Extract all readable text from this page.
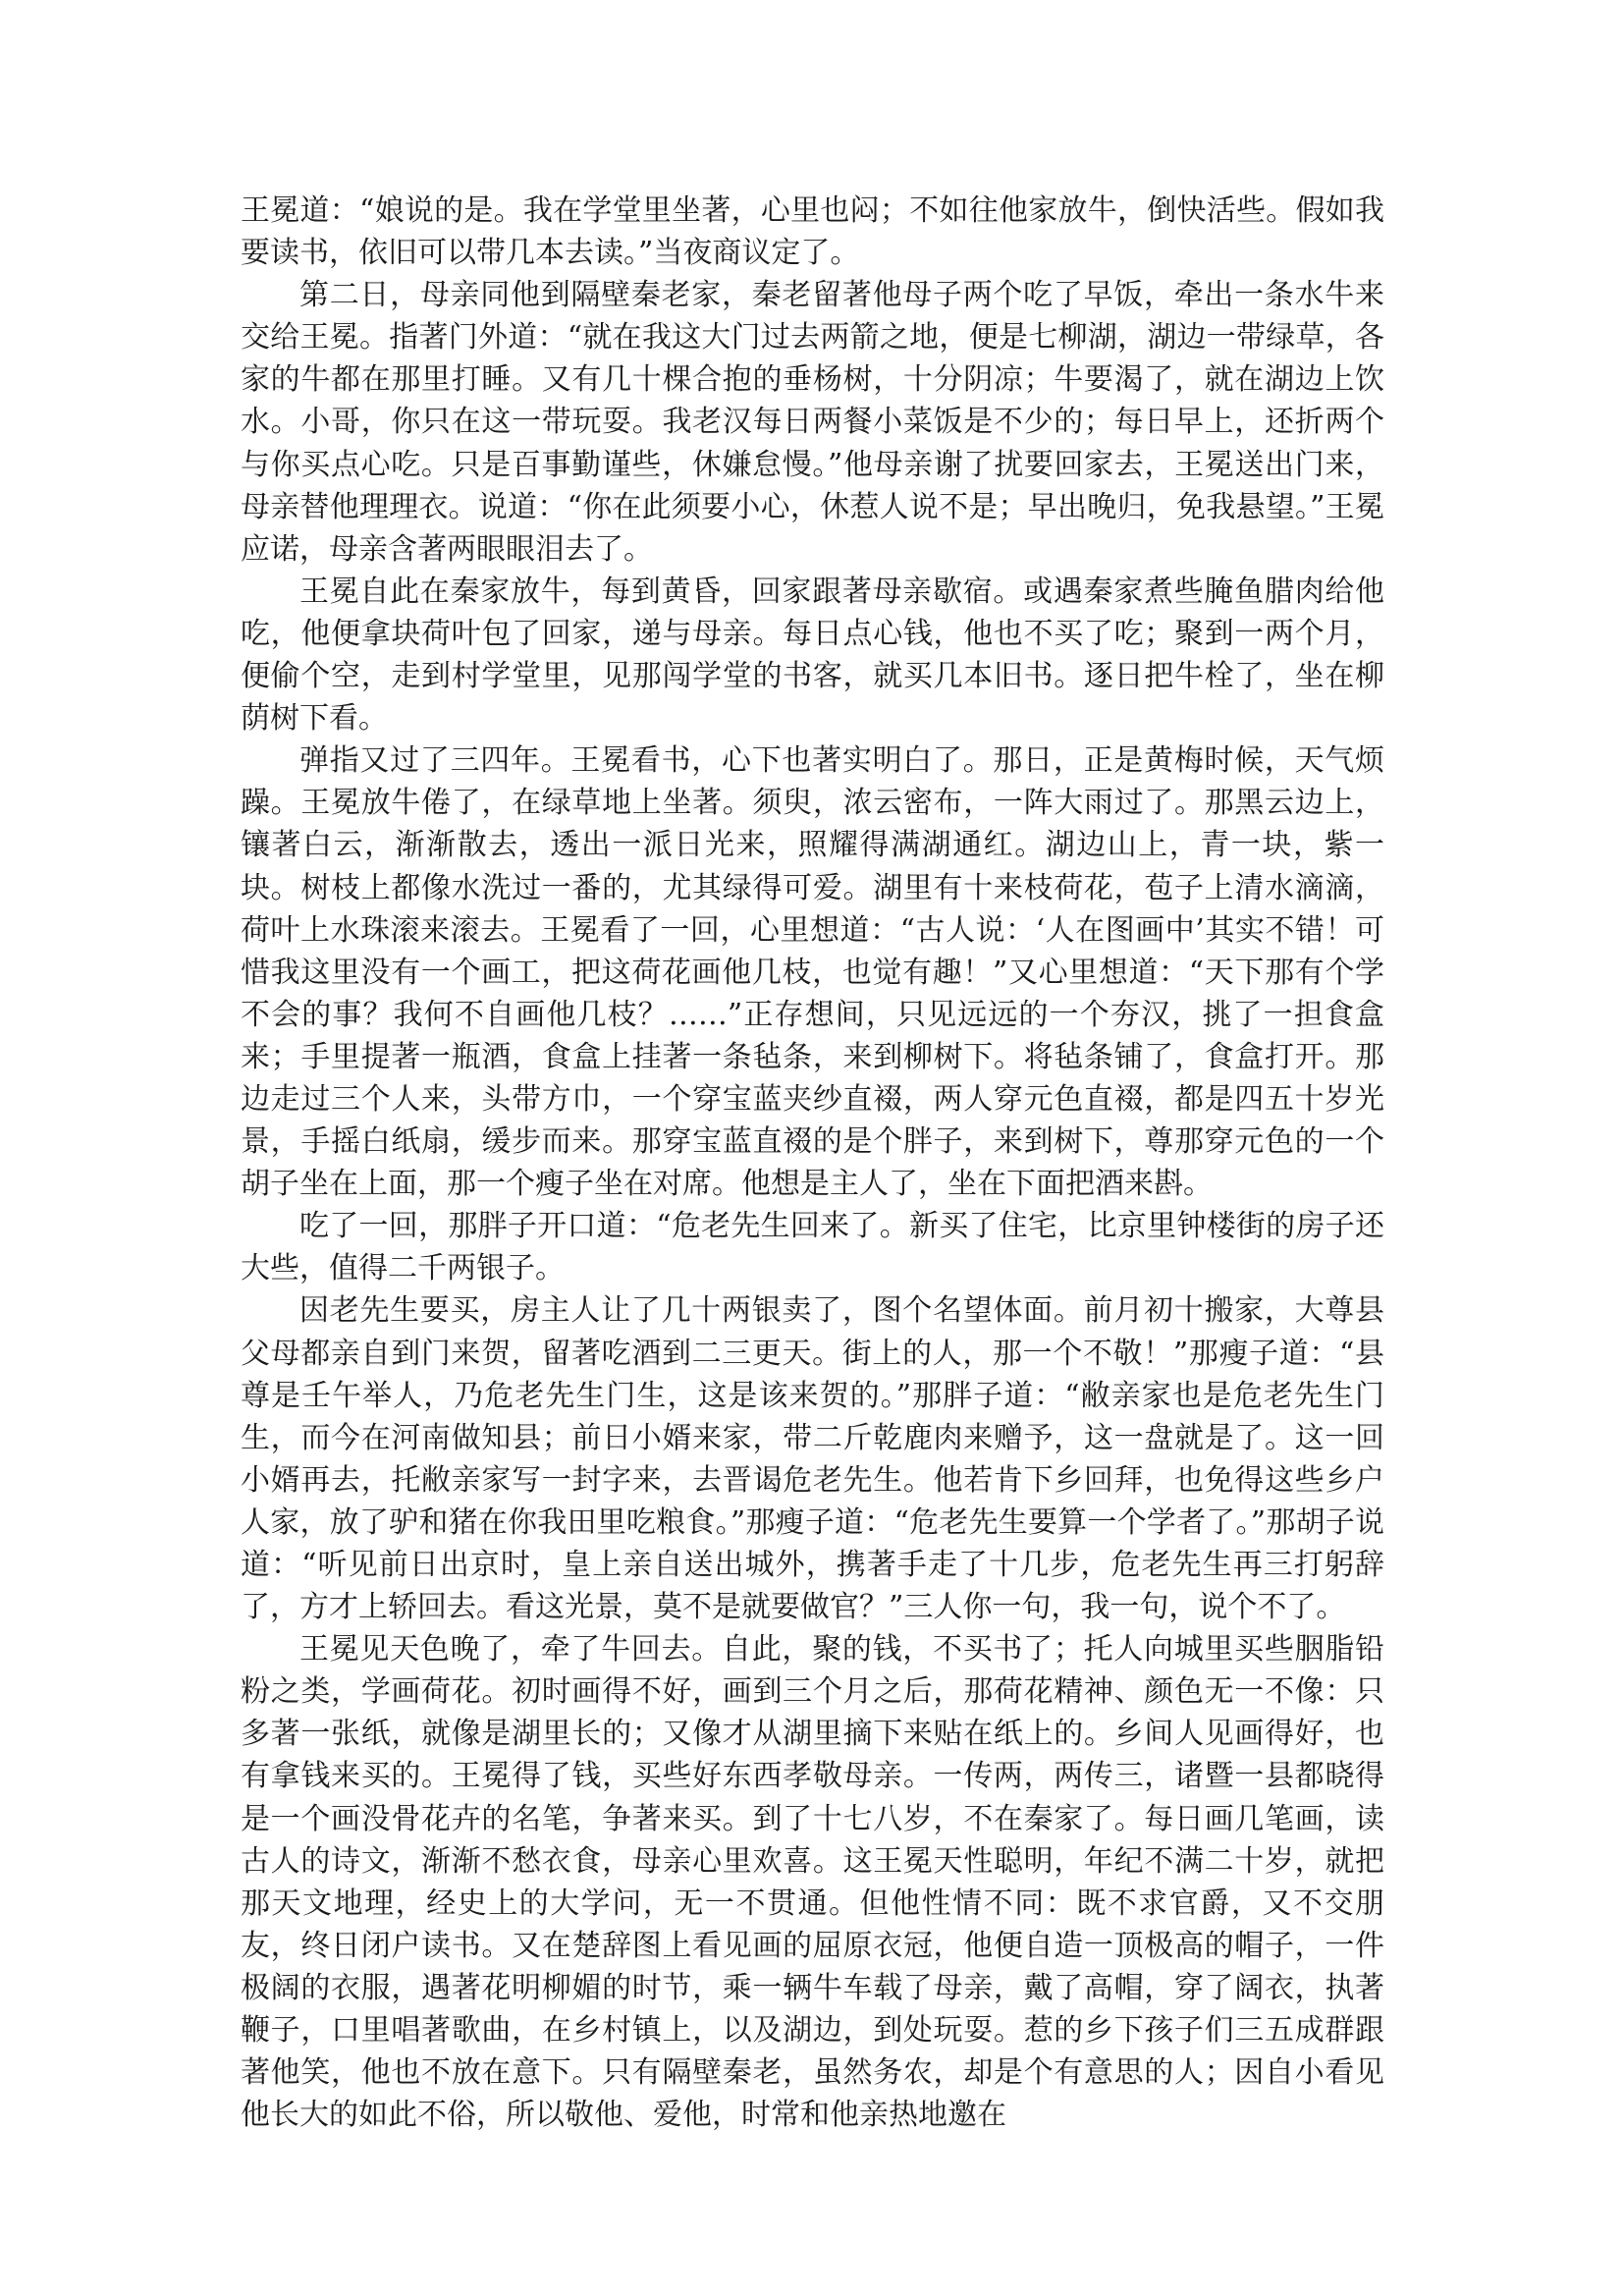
王冕道：“娘说的是。我在学堂里坐著，心里也闷；不如往他家放牛，倒快活些。假如我要读书，依旧可以带几本去读。”当夜商议定了。

第二日，母亲同他到隔壁秦老家，秦老留著他母子两个吃了早饭，牵出一条水牛来交给王冕。指著门外道：“就在我这大门过去两箭之地，便是七柳湖，湖边一带绿草，各家的牛都在那里打睡。又有几十棵合抱的垂杨树，十分阴凉；牛要渴了，就在湖边上饮水。小哥，你只在这一带玩耍。我老汉每日两餐小菜饭是不少的；每日早上，还折两个与你买点心吃。只是百事勤谨些，休嫌怠慢。”他母亲谢了扰要回家去，王冕送出门来，母亲替他理理衣。说道：“你在此须要小心，休惹人说不是；早出晚归，免我悬望。”王冕应诺，母亲含著两眼眼泪去了。

王冕自此在秦家放牛，每到黄昏，回家跟著母亲歇宿。或遇秦家煮些腌鱼腊肉给他吃，他便拿块荷叶包了回家，递与母亲。每日点心钱，他也不买了吃；聚到一两个月，便偷个空，走到村学堂里，见那闯学堂的书客，就买几本旧书。逐日把牛栓了，坐在柳荫树下看。

弹指又过了三四年。王冕看书，心下也著实明白了。那日，正是黄梅时候，天气烦躁。王冕放牛倦了，在绿草地上坐著。须臾，浓云密布，一阵大雨过了。那黑云边上，镶著白云，渐渐散去，透出一派日光来，照耀得满湖通红。湖边山上，青一块，紫一块。树枝上都像水洗过一番的，尤其绿得可爱。湖里有十来枝荷花，苞子上清水滴滴，荷叶上水珠滚来滚去。王冕看了一回，心里想道：“古人说：‘人在图画中’其实不错！可惜我这里没有一个画工，把这荷花画他几枝，也觉有趣！”又心里想道：“天下那有个学不会的事？我何不自画他几枝？……”正存想间，只见远远的一个夯汉，挑了一担食盒来；手里提著一瓶酒，食盒上挂著一条毡条，来到柳树下。将毡条铺了，食盒打开。那边走过三个人来，头带方巾，一个穿宝蓝夹纱直裰，两人穿元色直裰，都是四五十岁光景，手摇白纸扇，缓步而来。那穿宝蓝直裰的是个胖子，来到树下，尊那穿元色的一个胡子坐在上面，那一个瘦子坐在对席。他想是主人了，坐在下面把酒来斟。

吃了一回，那胖子开口道：“危老先生回来了。新买了住宅，比京里钟楼街的房子还大些，值得二千两银子。

因老先生要买，房主人让了几十两银卖了，图个名望体面。前月初十搬家，大尊县父母都亲自到门来贺，留著吃酒到二三更天。街上的人，那一个不敬！”那瘦子道：“县尊是壬午举人，乃危老先生门生，这是该来贺的。”那胖子道：“敝亲家也是危老先生门生，而今在河南做知县；前日小婿来家，带二斤乾鹿肉来赠予，这一盘就是了。这一回小婿再去，托敝亲家写一封字来，去晋谒危老先生。他若肯下乡回拜，也免得这些乡户人家，放了驴和猪在你我田里吃粮食。”那瘦子道：“危老先生要算一个学者了。”那胡子说道：“听见前日出京时，皇上亲自送出城外，携著手走了十几步，危老先生再三打躬辞了，方才上轿回去。看这光景，莫不是就要做官？”三人你一句，我一句，说个不了。

王冕见天色晚了，牵了牛回去。自此，聚的钱，不买书了；托人向城里买些胭脂铅粉之类，学画荷花。初时画得不好，画到三个月之后，那荷花精神、颜色无一不像：只多著一张纸，就像是湖里长的；又像才从湖里摘下来贴在纸上的。乡间人见画得好，也有拿钱来买的。王冕得了钱，买些好东西孝敬母亲。一传两，两传三，诸暨一县都晓得是一个画没骨花卉的名笔，争著来买。到了十七八岁，不在秦家了。每日画几笔画，读古人的诗文，渐渐不愁衣食，母亲心里欢喜。这王冕天性聪明，年纪不满二十岁，就把那天文地理，经史上的大学问，无一不贯通。但他性情不同：既不求官爵，又不交朋友，终日闭户读书。又在楚辞图上看见画的屈原衣冠，他便自造一顶极高的帽子，一件极阔的衣服，遇著花明柳媚的时节，乘一辆牛车载了母亲，戴了高帽，穿了阔衣，执著鞭子，口里唱著歌曲，在乡村镇上，以及湖边，到处玩耍。惹的乡下孩子们三五成群跟著他笑，他也不放在意下。只有隔壁秦老，虽然务农，却是个有意思的人；因自小看见他长大的如此不俗，所以敬他、爱他，时常和他亲热地邀在
